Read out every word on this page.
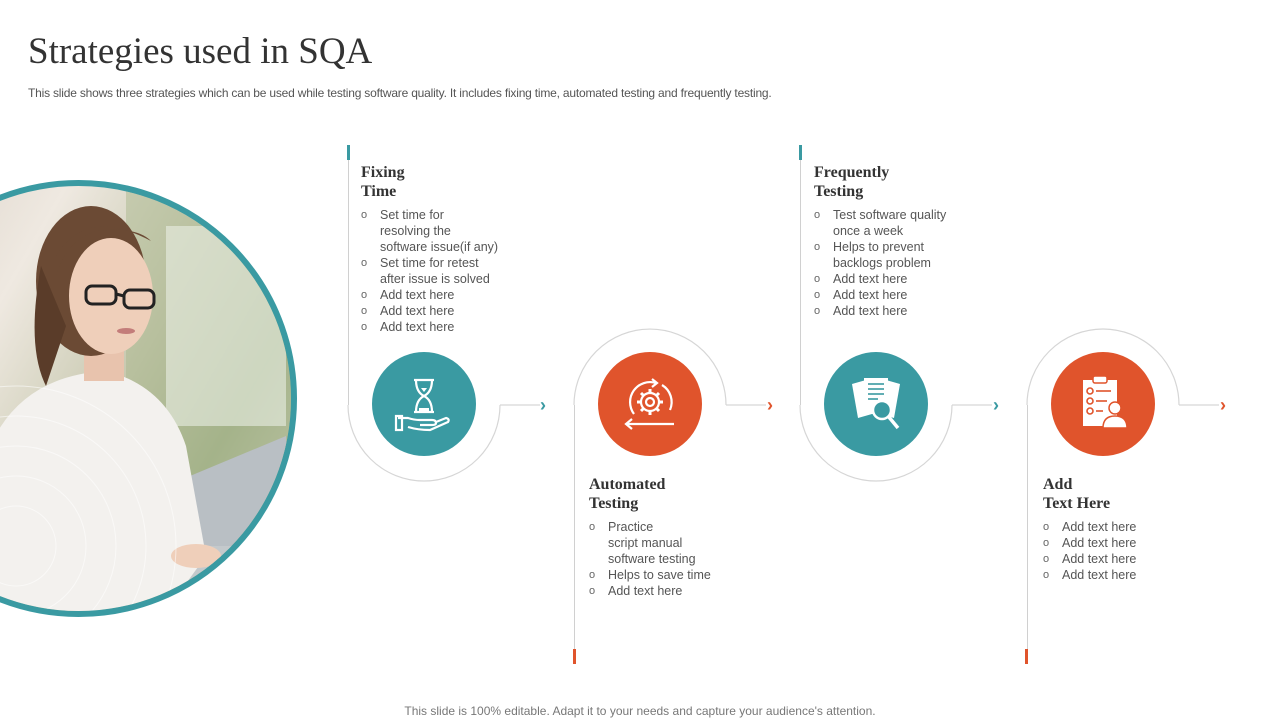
Strategies used in SQA
This slide shows three strategies which can be used while testing software quality. It includes fixing time, automated testing and frequently testing.
›	›	›	›
Fixing
Time
o Set time for
resolving the
software issue(if any)
o Set time for retest
after issue is solved
o Add text here
o Add text here
o Add text here
Automated
Testing
o Practice
script manual
software testing
o Helps to save time
o Add text here
Frequently
Testing
o Test software quality
once a week
o Helps to prevent
backlogs problem
o Add text here
o Add text here
o Add text here
Add
Text Here
o Add text here
o Add text here
o Add text here
o Add text here
This slide is 100% editable. Adapt it to your needs and capture your audience's attention.
